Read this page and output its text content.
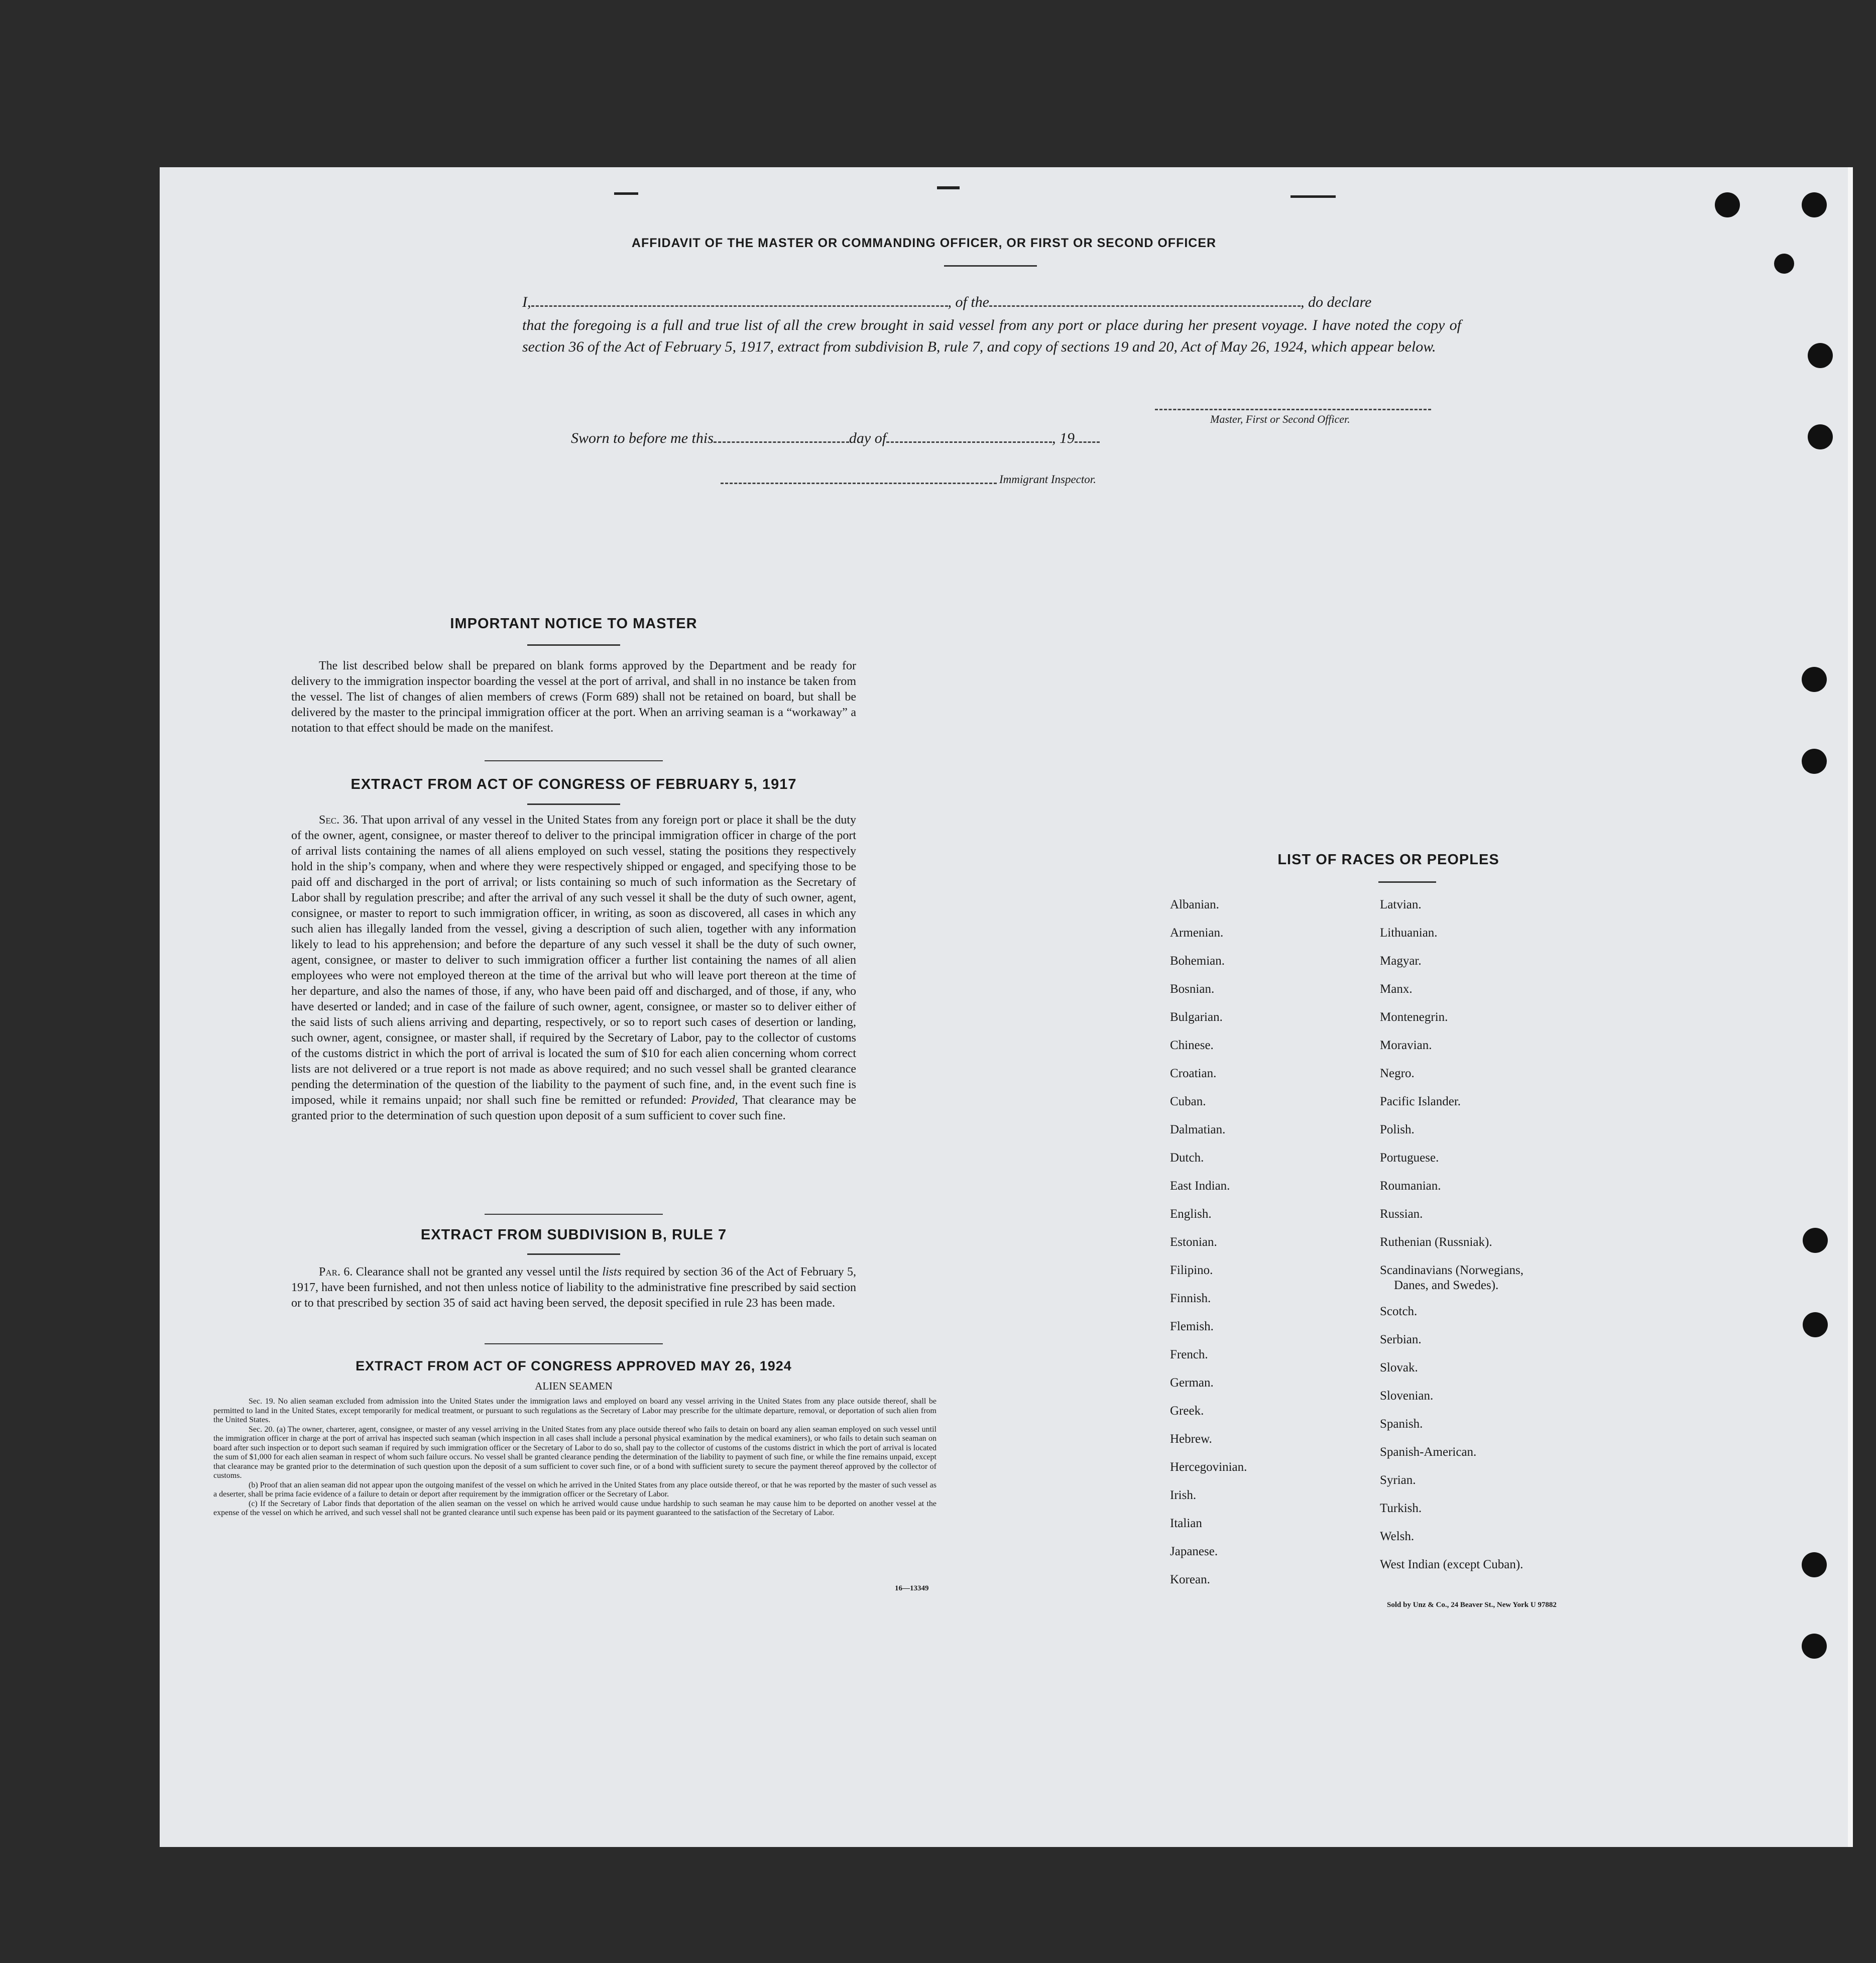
AFFIDAVIT OF THE MASTER OR COMMANDING OFFICER, OR FIRST OR SECOND OFFICER
I,	, of the	, do declare
that the foregoing is a full and true list of all the crew brought in said vessel from any port or place during her present voyage. I have noted the copy of section 36 of the Act of February 5, 1917, extract from subdivision B, rule 7, and copy of sections 19 and 20, Act of May 26, 1924, which appear below.
Master, First or Second Officer.
Sworn to before me this	day of	, 19
Immigrant Inspector.
IMPORTANT NOTICE TO MASTER
The list described below shall be prepared on blank forms approved by the Department and be ready for delivery to the immigration inspector boarding the vessel at the port of arrival, and shall in no instance be taken from the vessel. The list of changes of alien members of crews (Form 689) shall not be retained on board, but shall be delivered by the master to the principal immigration officer at the port. When an arriving seaman is a “workaway” a notation to that effect should be made on the manifest.
EXTRACT FROM ACT OF CONGRESS OF FEBRUARY 5, 1917
Sec. 36. That upon arrival of any vessel in the United States from any foreign port or place it shall be the duty of the owner, agent, consignee, or master thereof to deliver to the principal immigration officer in charge of the port of arrival lists containing the names of all aliens employed on such vessel, stating the positions they respectively hold in the ship’s company, when and where they were respectively shipped or engaged, and specifying those to be paid off and discharged in the port of arrival; or lists containing so much of such information as the Secretary of Labor shall by regulation prescribe; and after the arrival of any such vessel it shall be the duty of such owner, agent, consignee, or master to report to such immigration officer, in writing, as soon as discovered, all cases in which any such alien has illegally landed from the vessel, giving a description of such alien, together with any information likely to lead to his apprehension; and before the departure of any such vessel it shall be the duty of such owner, agent, consignee, or master to deliver to such immigration officer a further list containing the names of all alien employees who were not employed thereon at the time of the arrival but who will leave port thereon at the time of her departure, and also the names of those, if any, who have been paid off and discharged, and of those, if any, who have deserted or landed; and in case of the failure of such owner, agent, consignee, or master so to deliver either of the said lists of such aliens arriving and departing, respectively, or so to report such cases of desertion or landing, such owner, agent, consignee, or master shall, if required by the Secretary of Labor, pay to the collector of customs of the customs district in which the port of arrival is located the sum of $10 for each alien concerning whom correct lists are not delivered or a true report is not made as above required; and no such vessel shall be granted clearance pending the determination of the question of the liability to the payment of such fine, and, in the event such fine is imposed, while it remains unpaid; nor shall such fine be remitted or refunded: Provided, That clearance may be granted prior to the determination of such question upon deposit of a sum sufficient to cover such fine.
EXTRACT FROM SUBDIVISION B, RULE 7
Par. 6. Clearance shall not be granted any vessel until the lists required by section 36 of the Act of February 5, 1917, have been furnished, and not then unless notice of liability to the administrative fine prescribed by said section or to that prescribed by section 35 of said act having been served, the deposit specified in rule 23 has been made.
EXTRACT FROM ACT OF CONGRESS APPROVED MAY 26, 1924
ALIEN SEAMEN
Sec. 19. No alien seaman excluded from admission into the United States under the immigration laws and employed on board any vessel arriving in the United States from any place outside thereof, shall be permitted to land in the United States, except temporarily for medical treatment, or pursuant to such regulations as the Secretary of Labor may prescribe for the ultimate departure, removal, or deportation of such alien from the United States.
Sec. 20. (a) The owner, charterer, agent, consignee, or master of any vessel arriving in the United States from any place outside thereof who fails to detain on board any alien seaman employed on such vessel until the immigration officer in charge at the port of arrival has inspected such seaman (which inspection in all cases shall include a personal physical examination by the medical examiners), or who fails to detain such seaman on board after such inspection or to deport such seaman if required by such immigration officer or the Secretary of Labor to do so, shall pay to the collector of customs of the customs district in which the port of arrival is located the sum of $1,000 for each alien seaman in respect of whom such failure occurs. No vessel shall be granted clearance pending the determination of the liability to payment of such fine, or while the fine remains unpaid, except that clearance may be granted prior to the determination of such question upon the deposit of a sum sufficient to cover such fine, or of a bond with sufficient surety to secure the payment thereof approved by the collector of customs.
(b) Proof that an alien seaman did not appear upon the outgoing manifest of the vessel on which he arrived in the United States from any place outside thereof, or that he was reported by the master of such vessel as a deserter, shall be prima facie evidence of a failure to detain or deport after requirement by the immigration officer or the Secretary of Labor.
(c) If the Secretary of Labor finds that deportation of the alien seaman on the vessel on which he arrived would cause undue hardship to such seaman he may cause him to be deported on another vessel at the expense of the vessel on which he arrived, and such vessel shall not be granted clearance until such expense has been paid or its payment guaranteed to the satisfaction of the Secretary of Labor.
16—13349
LIST OF RACES OR PEOPLES
Albanian.
Armenian.
Bohemian.
Bosnian.
Bulgarian.
Chinese.
Croatian.
Cuban.
Dalmatian.
Dutch.
East Indian.
English.
Estonian.
Filipino.
Finnish.
Flemish.
French.
German.
Greek.
Hebrew.
Hercegovinian.
Irish.
Italian
Japanese.
Korean.
Latvian.
Lithuanian.
Magyar.
Manx.
Montenegrin.
Moravian.
Negro.
Pacific Islander.
Polish.
Portuguese.
Roumanian.
Russian.
Ruthenian (Russniak).
Scandinavians (Norwegians,
Danes, and Swedes).
Scotch.
Serbian.
Slovak.
Slovenian.
Spanish.
Spanish-American.
Syrian.
Turkish.
Welsh.
West Indian (except Cuban).
Sold by Unz & Co., 24 Beaver St., New York U 97882
